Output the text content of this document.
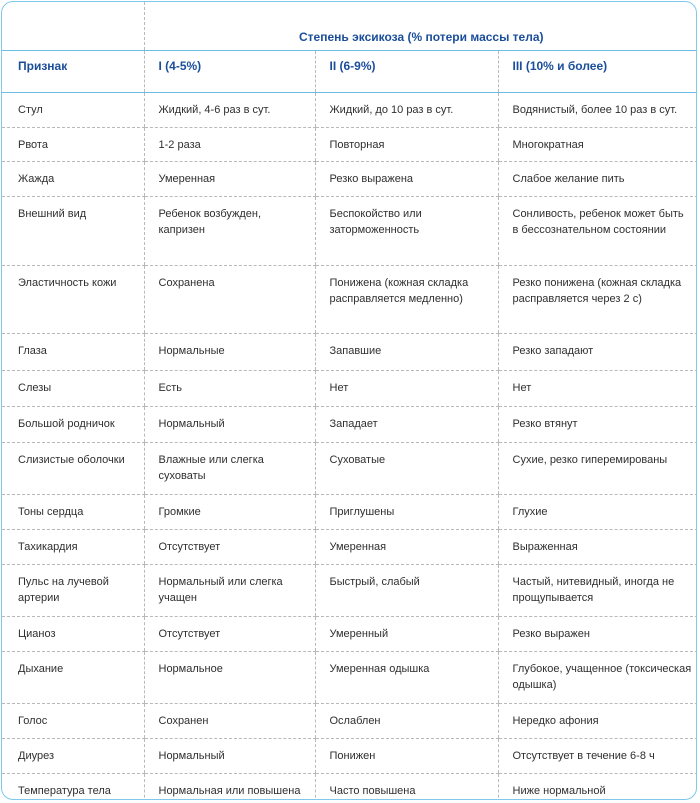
	Степень эксикоза (% потери массы тела)		
Признак	I (4-5%)	II (6-9%)	III (10% и более)
Стул	Жидкий, 4-6 раз в сут.	Жидкий, до 10 раз в сут.	Водянистый, более 10 раз в сут.
Рвота	1-2 раза	Повторная	Многократная
Жажда	Умеренная	Резко выражена	Слабое желание пить
Внешний вид	Ребенок возбужден, капризен	Беспокойство или заторможенность	Сонливость, ребенок может быть в бессознательном состоянии
Эластичность кожи	Сохранена	Понижена (кожная складка расправляется медленно)	Резко понижена (кожная складка расправляется через 2 с)
Глаза	Нормальные	Запавшие	Резко западают
Слезы	Есть	Нет	Нет
Большой родничок	Нормальный	Западает	Резко втянут
Слизистые оболочки	Влажные или слегка суховаты	Суховатые	Сухие, резко гиперемированы
Тоны сердца	Громкие	Приглушены	Глухие
Тахикардия	Отсутствует	Умеренная	Выраженная
Пульс на лучевой артерии	Нормальный или слегка учащен	Быстрый, слабый	Частый, нитевидный, иногда не прощупывается
Цианоз	Отсутствует	Умеренный	Резко выражен
Дыхание	Нормальное	Умеренная одышка	Глубокое, учащенное (токсическая одышка)
Голос	Сохранен	Ослаблен	Нередко афония
Диурез	Нормальный	Понижен	Отсутствует в течение 6-8 ч
Температура тела	Нормальная или повышена	Часто повышена	Ниже нормальной
